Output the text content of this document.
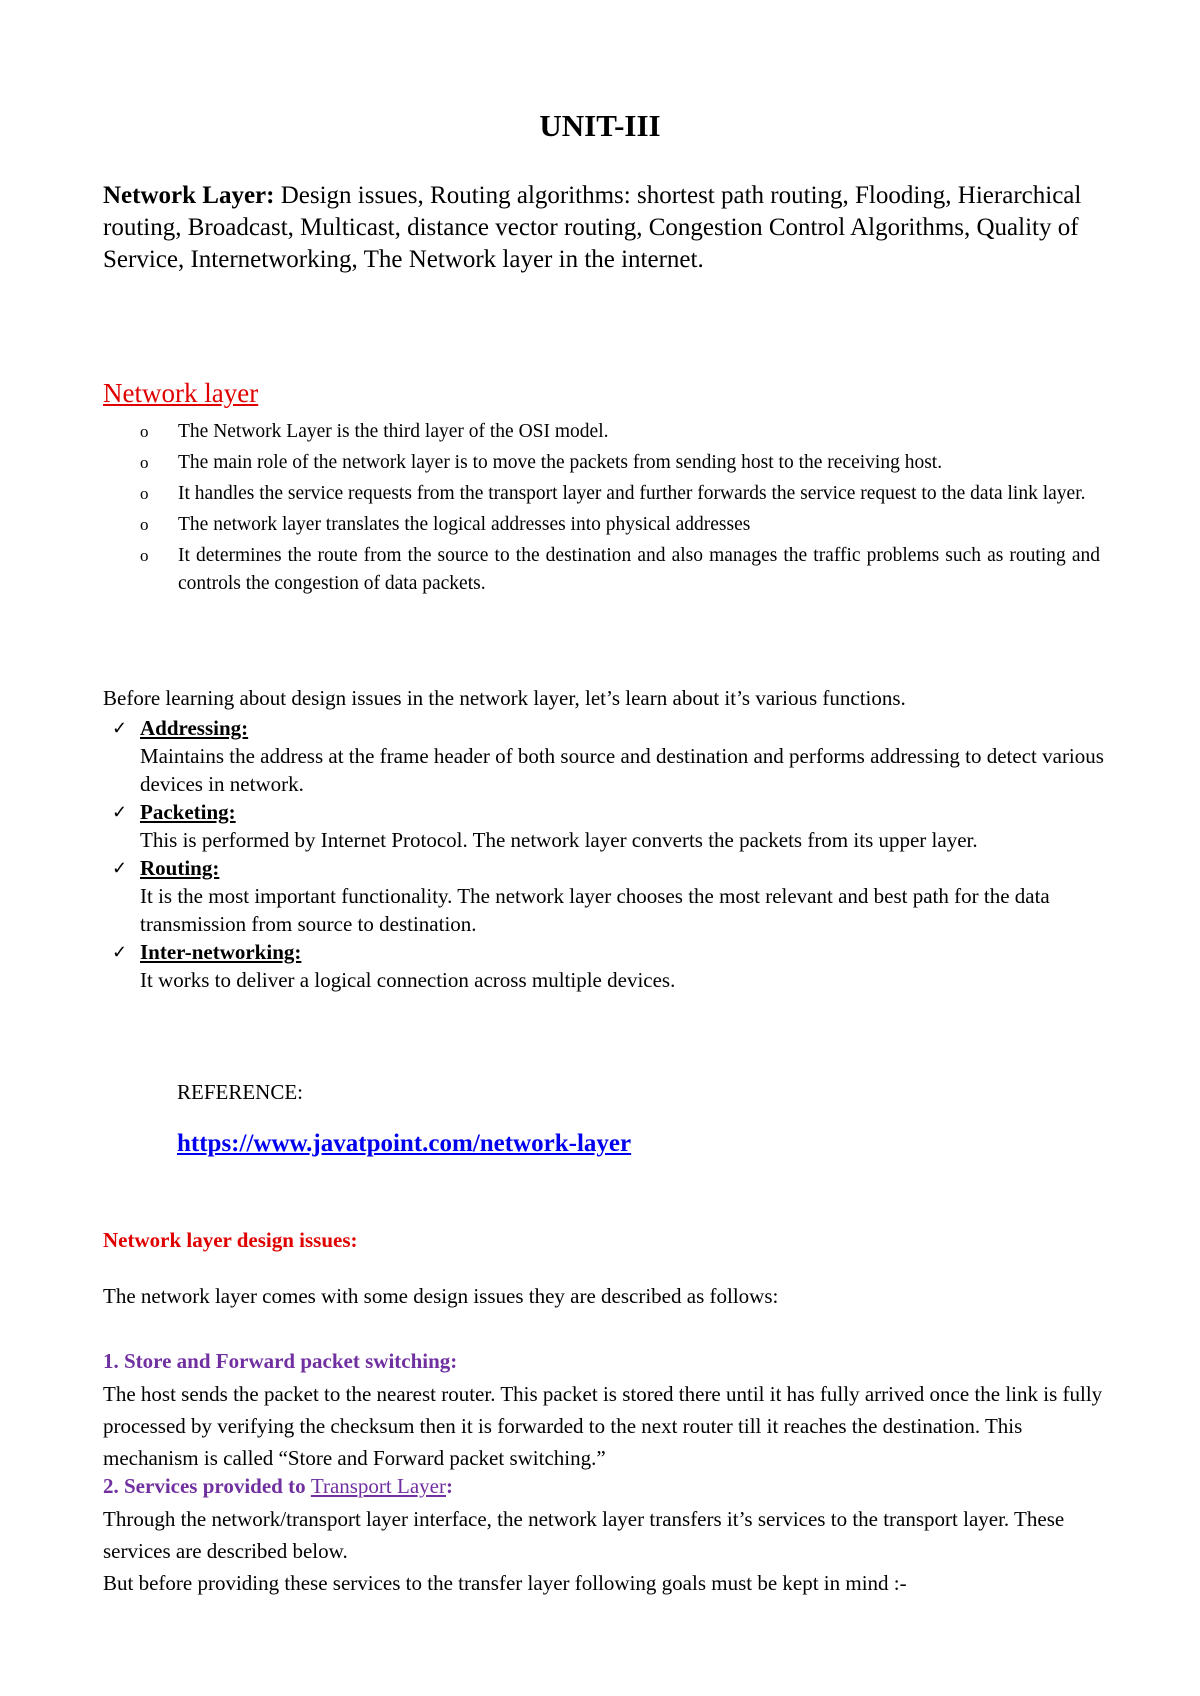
UNIT-III

Network Layer: Design issues, Routing algorithms: shortest path routing, Flooding, Hierarchical routing, Broadcast, Multicast, distance vector routing, Congestion Control Algorithms, Quality of Service, Internetworking, The Network layer in the internet.

Network layer
o The Network Layer is the third layer of the OSI model.
o The main role of the network layer is to move the packets from sending host to the receiving host.
o It handles the service requests from the transport layer and further forwards the service request to the data link layer.
o The network layer translates the logical addresses into physical addresses
o It determines the route from the source to the destination and also manages the traffic problems such as routing and controls the congestion of data packets.

Before learning about design issues in the network layer, let’s learn about it’s various functions.

✓ Addressing:
Maintains the address at the frame header of both source and destination and performs addressing to detect various devices in network.
✓ Packeting:
This is performed by Internet Protocol. The network layer converts the packets from its upper layer.
✓ Routing:
It is the most important functionality. The network layer chooses the most relevant and best path for the data transmission from source to destination.
✓ Inter-networking:
It works to deliver a logical connection across multiple devices.

REFERENCE:

https://www.javatpoint.com/network-layer

Network layer design issues:

The network layer comes with some design issues they are described as follows:

1. Store and Forward packet switching:

The host sends the packet to the nearest router. This packet is stored there until it has fully arrived once the link is fully processed by verifying the checksum then it is forwarded to the next router till it reaches the destination. This mechanism is called “Store and Forward packet switching.”

2. Services provided to Transport Layer:

Through the network/transport layer interface, the network layer transfers it’s services to the transport layer. These services are described below.
But before providing these services to the transfer layer following goals must be kept in mind :-
